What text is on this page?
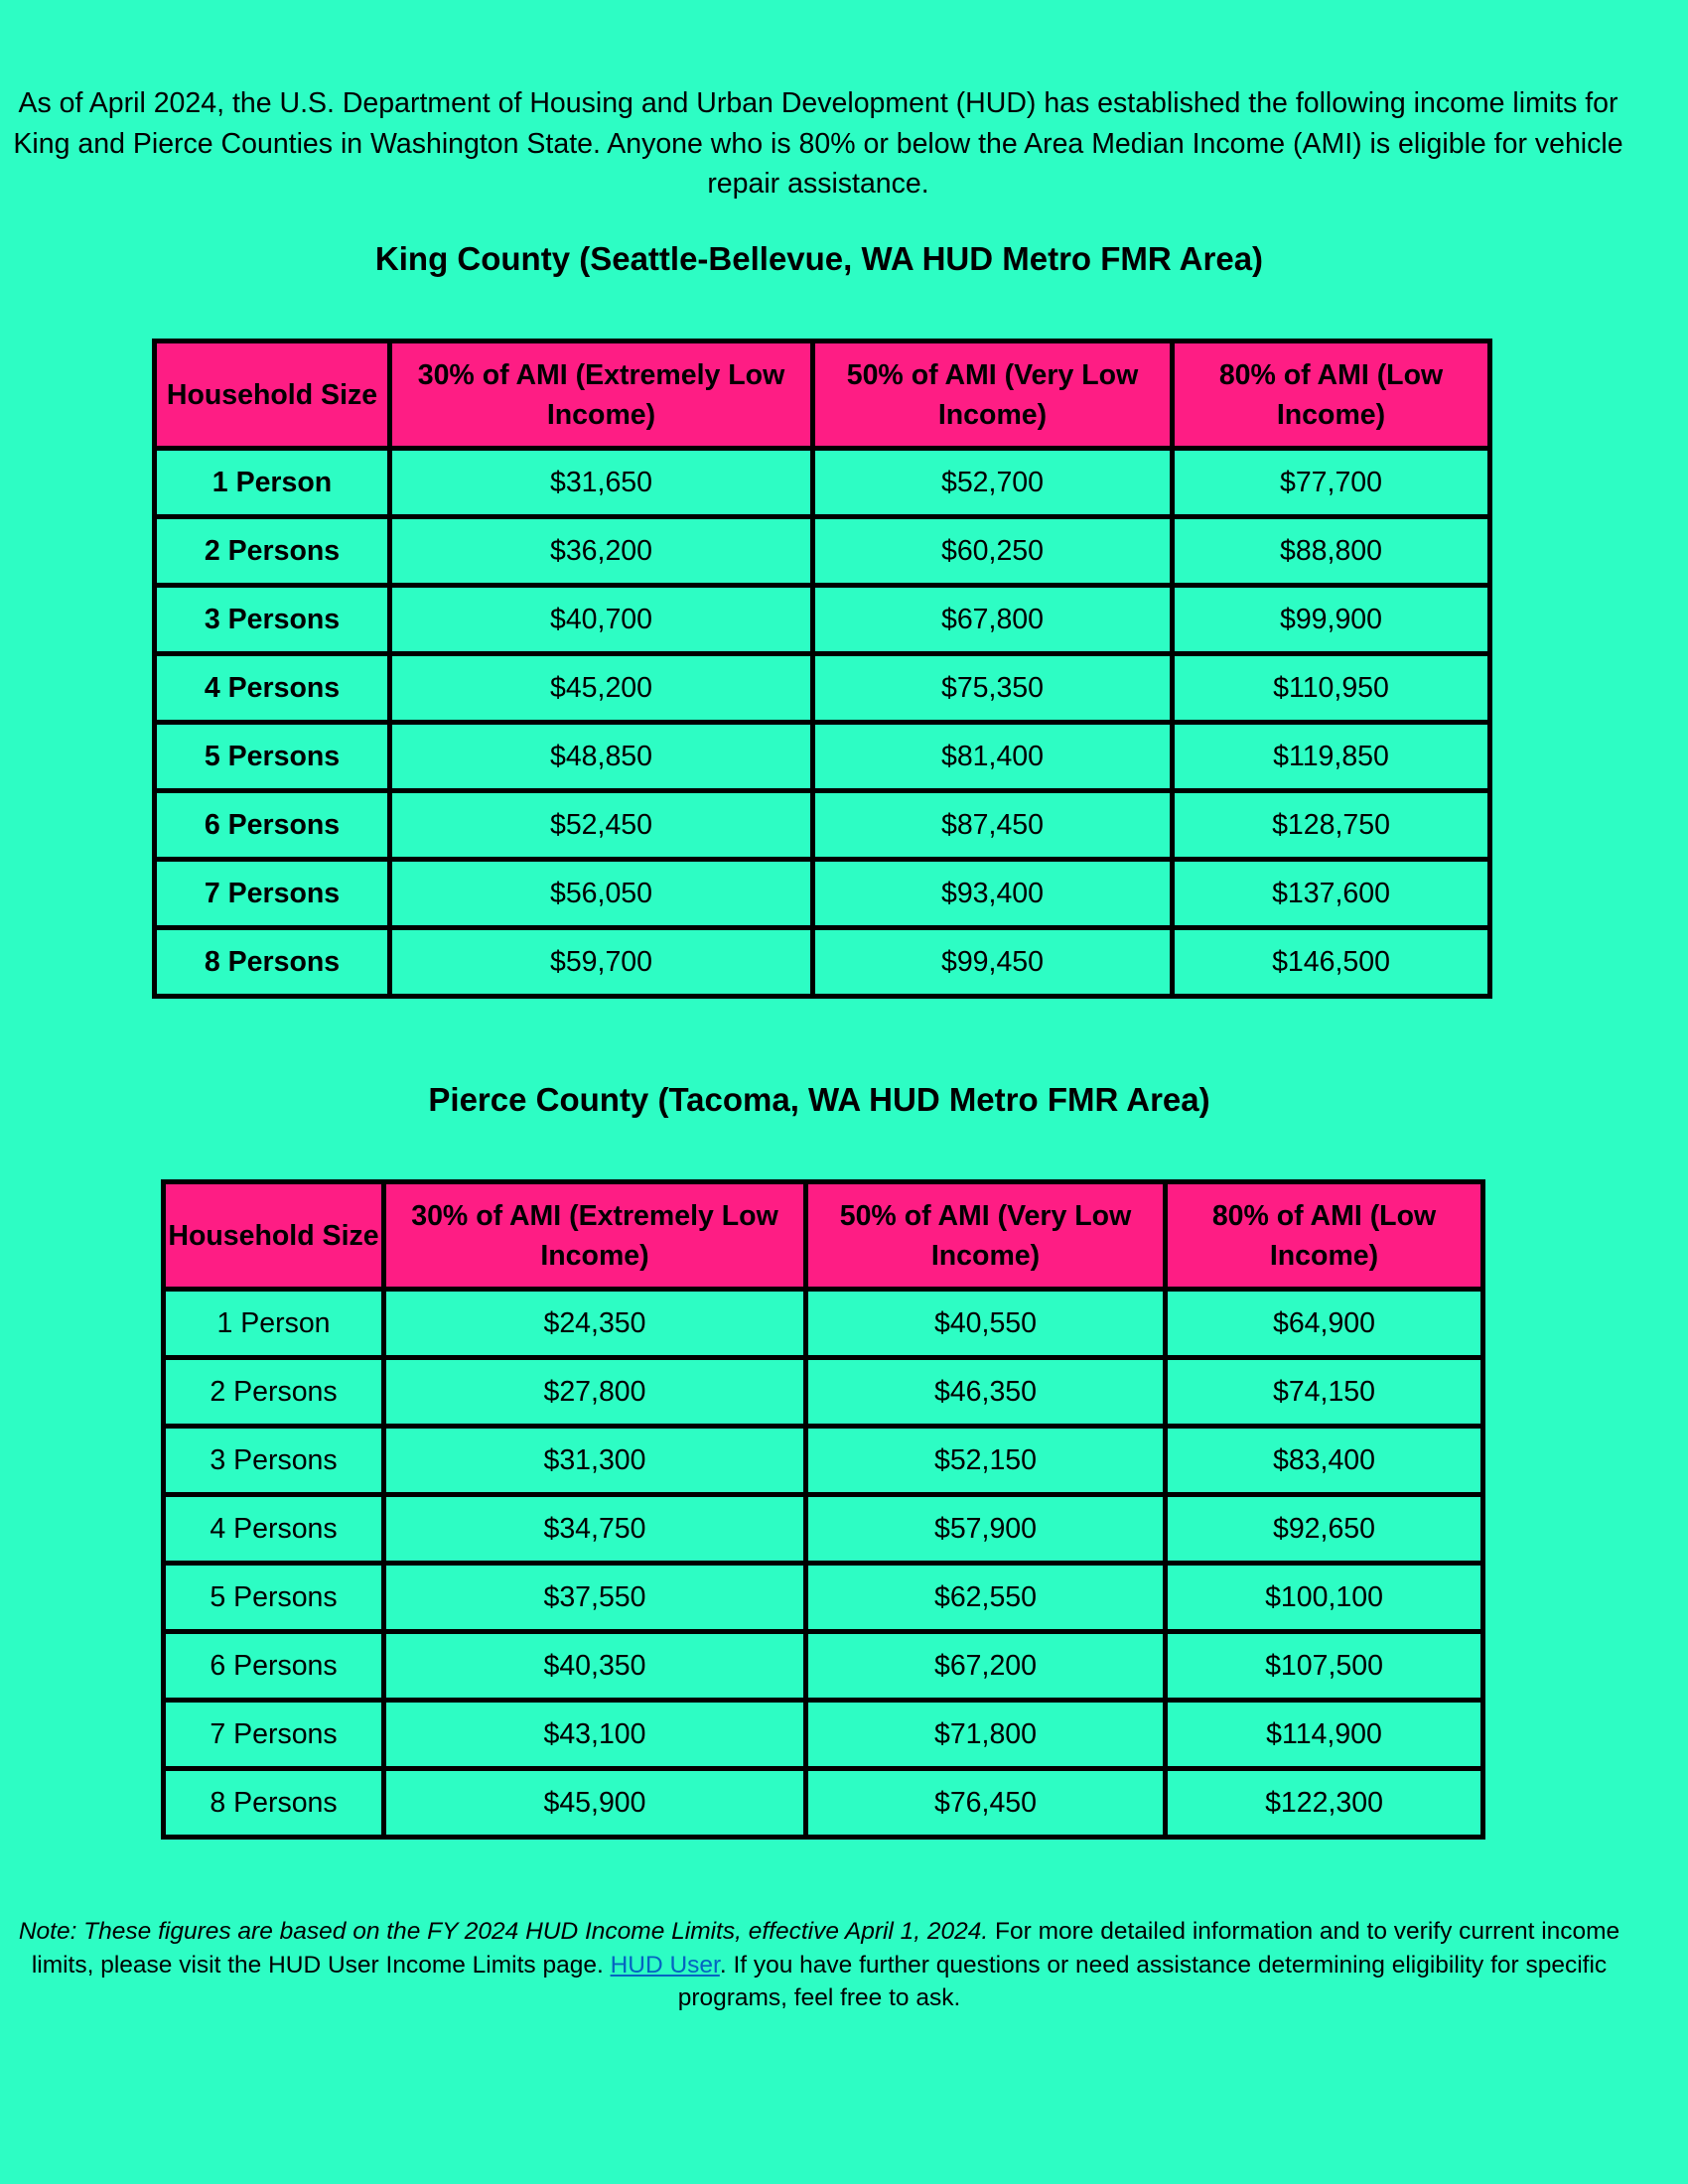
As of April 2024, the U.S. Department of Housing and Urban Development (HUD) has established the following income limits for King and Pierce Counties in Washington State. Anyone who is 80% or below the Area Median Income (AMI) is eligible for vehicle repair assistance.

King County (Seattle-Bellevue, WA HUD Metro FMR Area)
Household Size	30% of AMI (Extremely Low Income)	50% of AMI (Very Low Income)	80% of AMI (Low Income)
1 Person	$31,650	$52,700	$77,700
2 Persons	$36,200	$60,250	$88,800
3 Persons	$40,700	$67,800	$99,900
4 Persons	$45,200	$75,350	$110,950
5 Persons	$48,850	$81,400	$119,850
6 Persons	$52,450	$87,450	$128,750
7 Persons	$56,050	$93,400	$137,600
8 Persons	$59,700	$99,450	$146,500
Pierce County (Tacoma, WA HUD Metro FMR Area)
Household Size	30% of AMI (Extremely Low Income)	50% of AMI (Very Low Income)	80% of AMI (Low Income)
1 Person	$24,350	$40,550	$64,900
2 Persons	$27,800	$46,350	$74,150
3 Persons	$31,300	$52,150	$83,400
4 Persons	$34,750	$57,900	$92,650
5 Persons	$37,550	$62,550	$100,100
6 Persons	$40,350	$67,200	$107,500
7 Persons	$43,100	$71,800	$114,900
8 Persons	$45,900	$76,450	$122,300

Note: These figures are based on the FY 2024 HUD Income Limits, effective April 1, 2024. For more detailed information and to verify current income limits, please visit the HUD User Income Limits page. HUD User. If you have further questions or need assistance determining eligibility for specific programs, feel free to ask.
